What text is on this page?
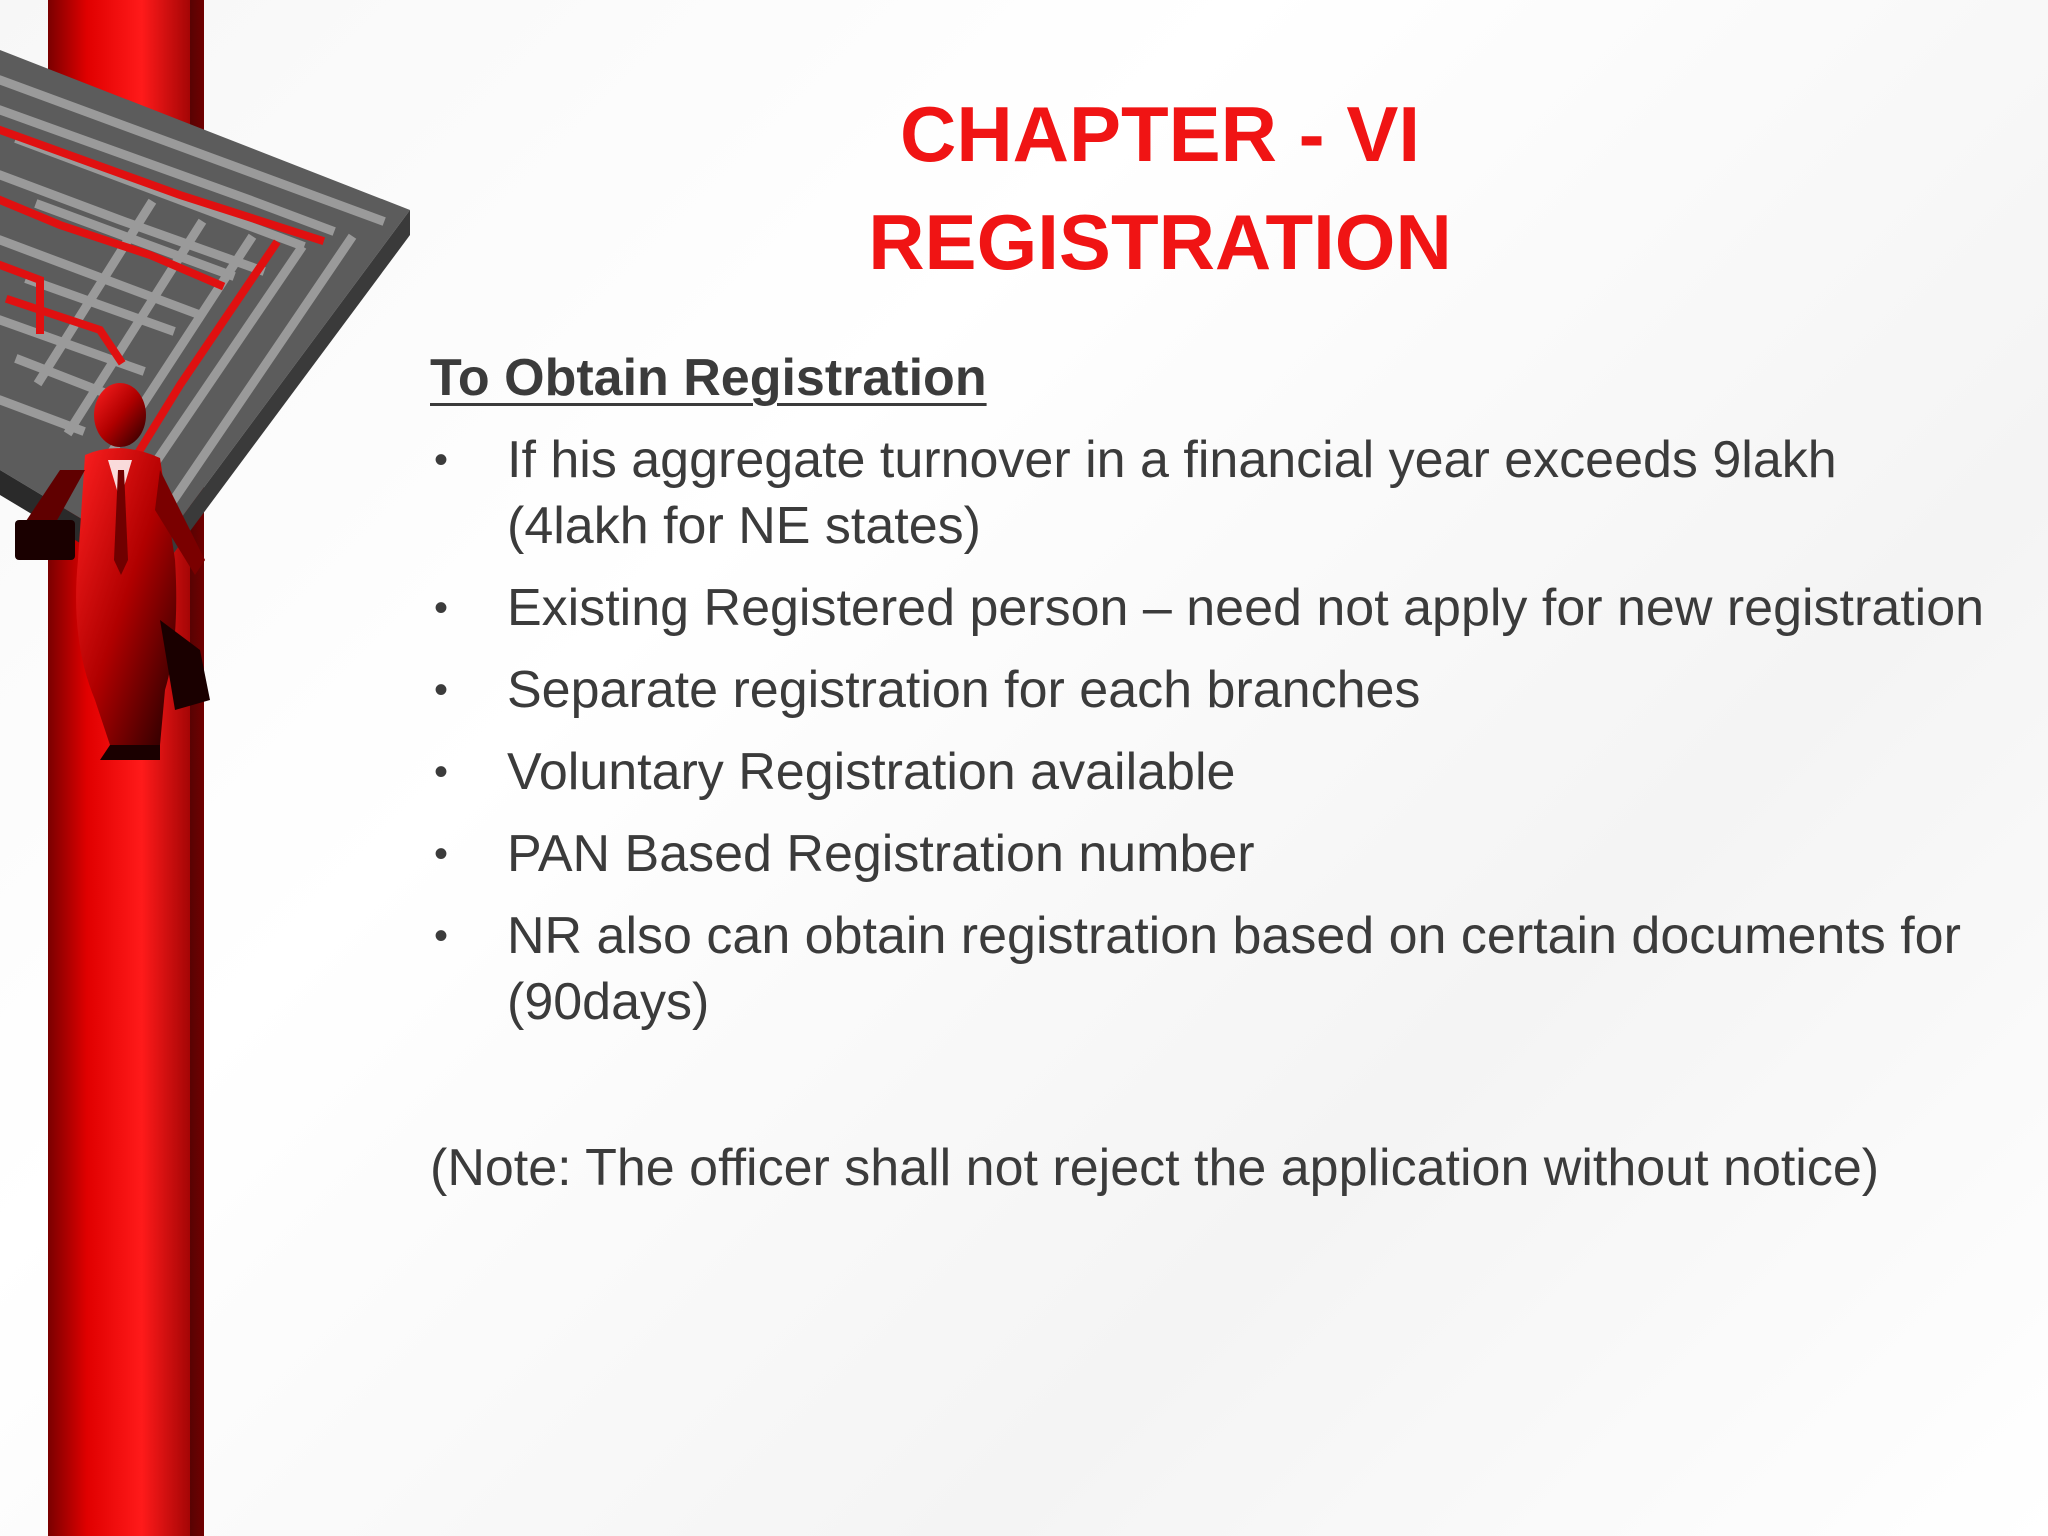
CHAPTER - VI
REGISTRATION
To Obtain Registration
• If his aggregate turnover in a financial year exceeds 9lakh (4lakh for NE states)
• Existing Registered person – need not apply for new registration
• Separate registration for each branches
• Voluntary Registration available
• PAN Based Registration number
• NR also can obtain registration based on certain documents for (90days)
(Note: The officer shall not reject the application without notice)
